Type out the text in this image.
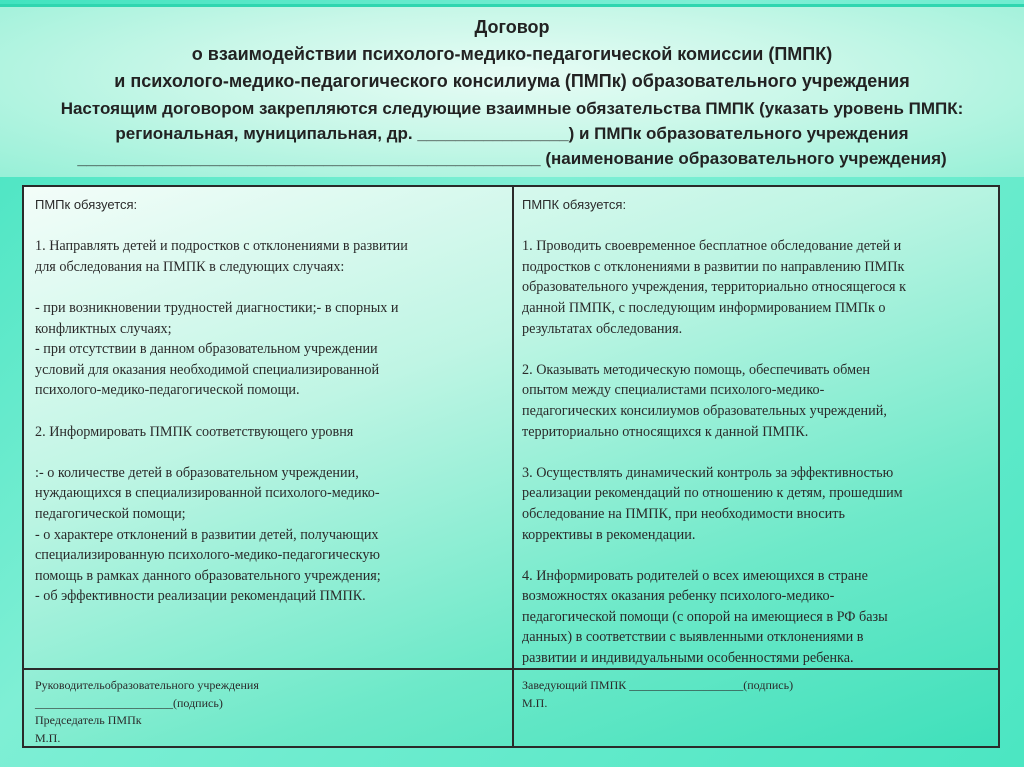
Договор
о взаимодействии психолого-медико-педагогической комиссии (ПМПК)
и психолого-медико-педагогического консилиума (ПМПк) образовательного учреждения
Настоящим договором закрепляются следующие взаимные обязательства ПМПК (указать уровень ПМПК:
региональная, муниципальная, др. ________________) и ПМПк образовательного учреждения
_________________________________________________ (наименование образовательного учреждения)

ПМПк обязуется:

1. Направлять детей и подростков с отклонениями в развитии

для обследования на ПМПК в следующих случаях:

- при возникновении трудностей диагностики;- в спорных и

конфликтных случаях;

- при отсутствии в данном образовательном учреждении

условий для оказания необходимой специализированной

психолого-медико-педагогической помощи.

2. Информировать ПМПК соответствующего уровня

:- о количестве детей в образовательном учреждении,

нуждающихся в специализированной психолого-медико-

педагогической помощи;

- о характере отклонений в развитии детей, получающих

специализированную психолого-медико-педагогическую

помощь в рамках данного образовательного учреждения;

- об эффективности реализации рекомендаций ПМПК.

ПМПК обязуется:

1. Проводить своевременное бесплатное обследование детей и

подростков с отклонениями в развитии по направлению ПМПк

образовательного учреждения, территориально относящегося к

данной ПМПК, с последующим информированием ПМПк о

результатах обследования.

2. Оказывать методическую помощь, обеспечивать обмен

опытом между специалистами психолого-медико-

педагогических консилиумов образовательных учреждений,

территориально относящихся к данной ПМПК.

3. Осуществлять динамический контроль за эффективностью

реализации рекомендаций по отношению к детям, прошедшим

обследование на ПМПК, при необходимости вносить

коррективы в рекомендации.

4. Информировать родителей о всех имеющихся в стране

возможностях оказания ребенку психолого-медико-

педагогической помощи (с опорой на имеющиеся в РФ базы

данных) в соответствии с выявленными отклонениями в

развитии и индивидуальными особенностями ребенка.

Руководительобразовательного учреждения

_______________________(подпись)

Председатель ПМПк

М.П.

Заведующий ПМПК ___________________(подпись)

М.П.
